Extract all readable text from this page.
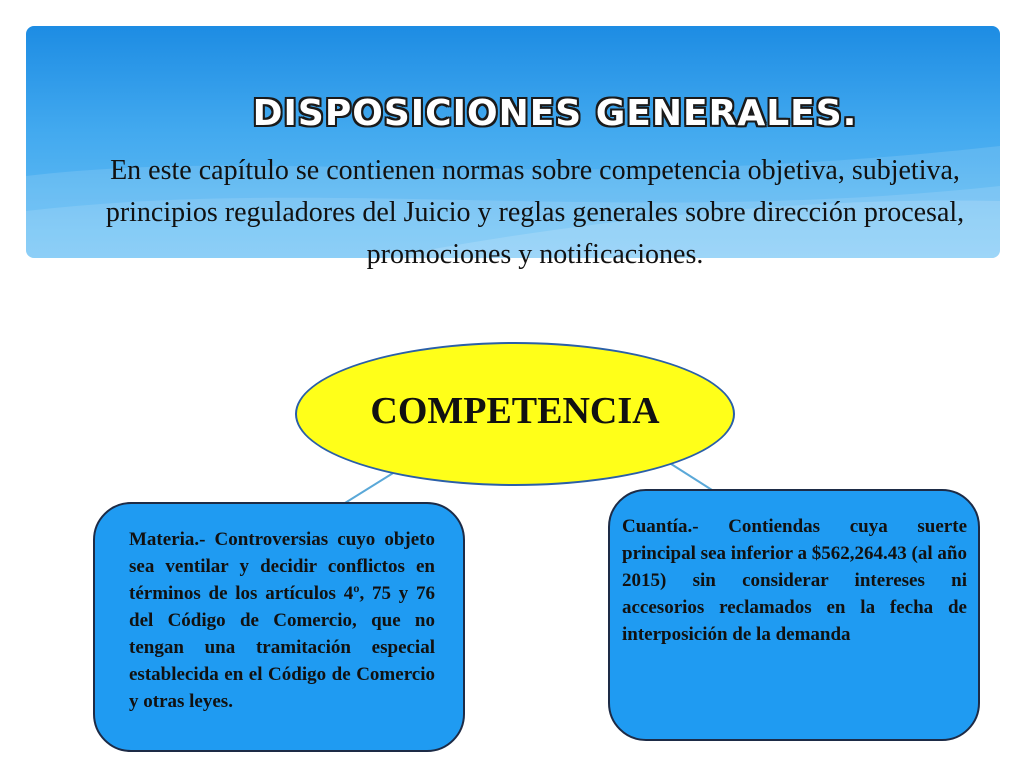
DISPOSICIONES GENERALES.
En este capítulo se contienen normas sobre competencia objetiva, subjetiva, principios reguladores del Juicio y reglas generales sobre dirección procesal, promociones y notificaciones.
COMPETENCIA
Materia.- Controversias cuyo objeto sea ventilar y decidir conflictos en términos de los artículos 4º, 75 y 76 del Código de Comercio, que no tengan una tramitación especial establecida en el Código de Comercio y otras leyes.
Cuantía.- Contiendas cuya suerte principal sea inferior a $562,264.43 (al año 2015) sin considerar intereses ni accesorios reclamados en la fecha de interposición de la demanda
